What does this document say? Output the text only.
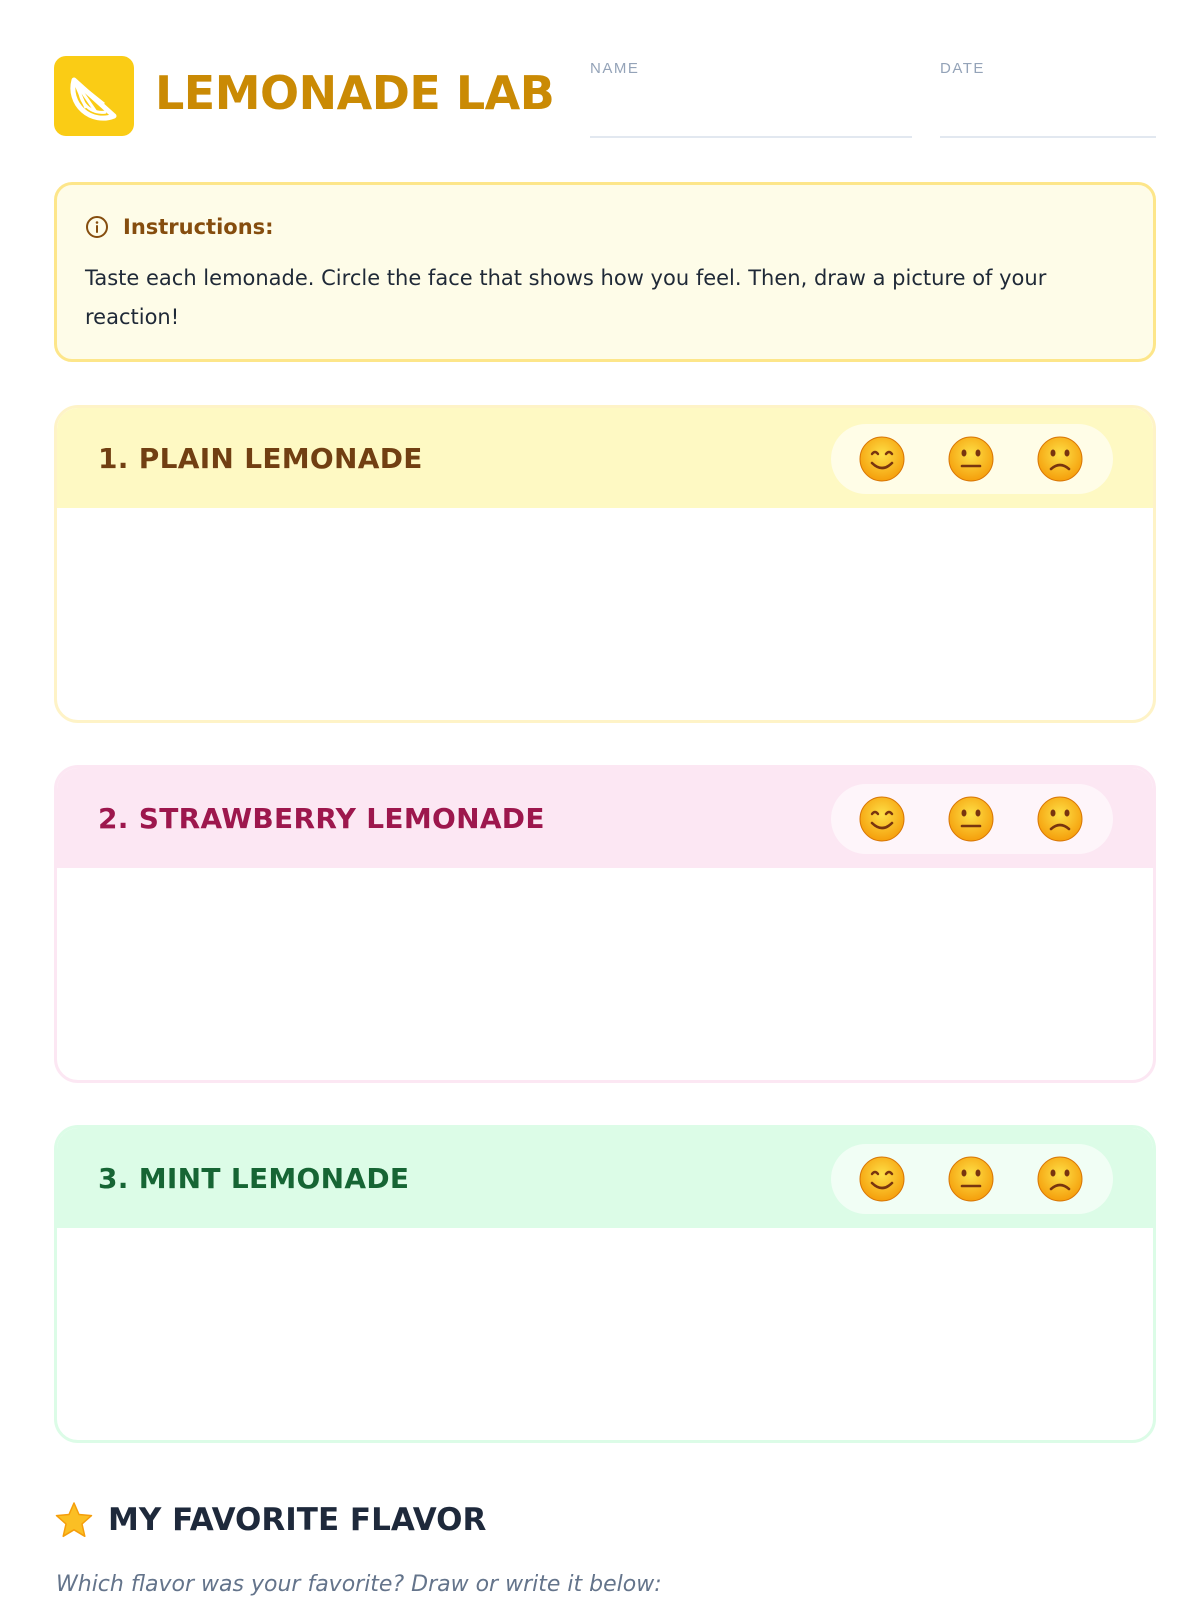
LEMONADE LAB NAME	DATE
Instructions:
Taste each lemonade. Circle the face that shows how you feel. Then, draw a picture of your reaction!
1. PLAIN LEMONADE
2. STRAWBERRY LEMONADE
3. MINT LEMONADE
MY FAVORITE FLAVOR
Which flavor was your favorite? Draw or write it below:
